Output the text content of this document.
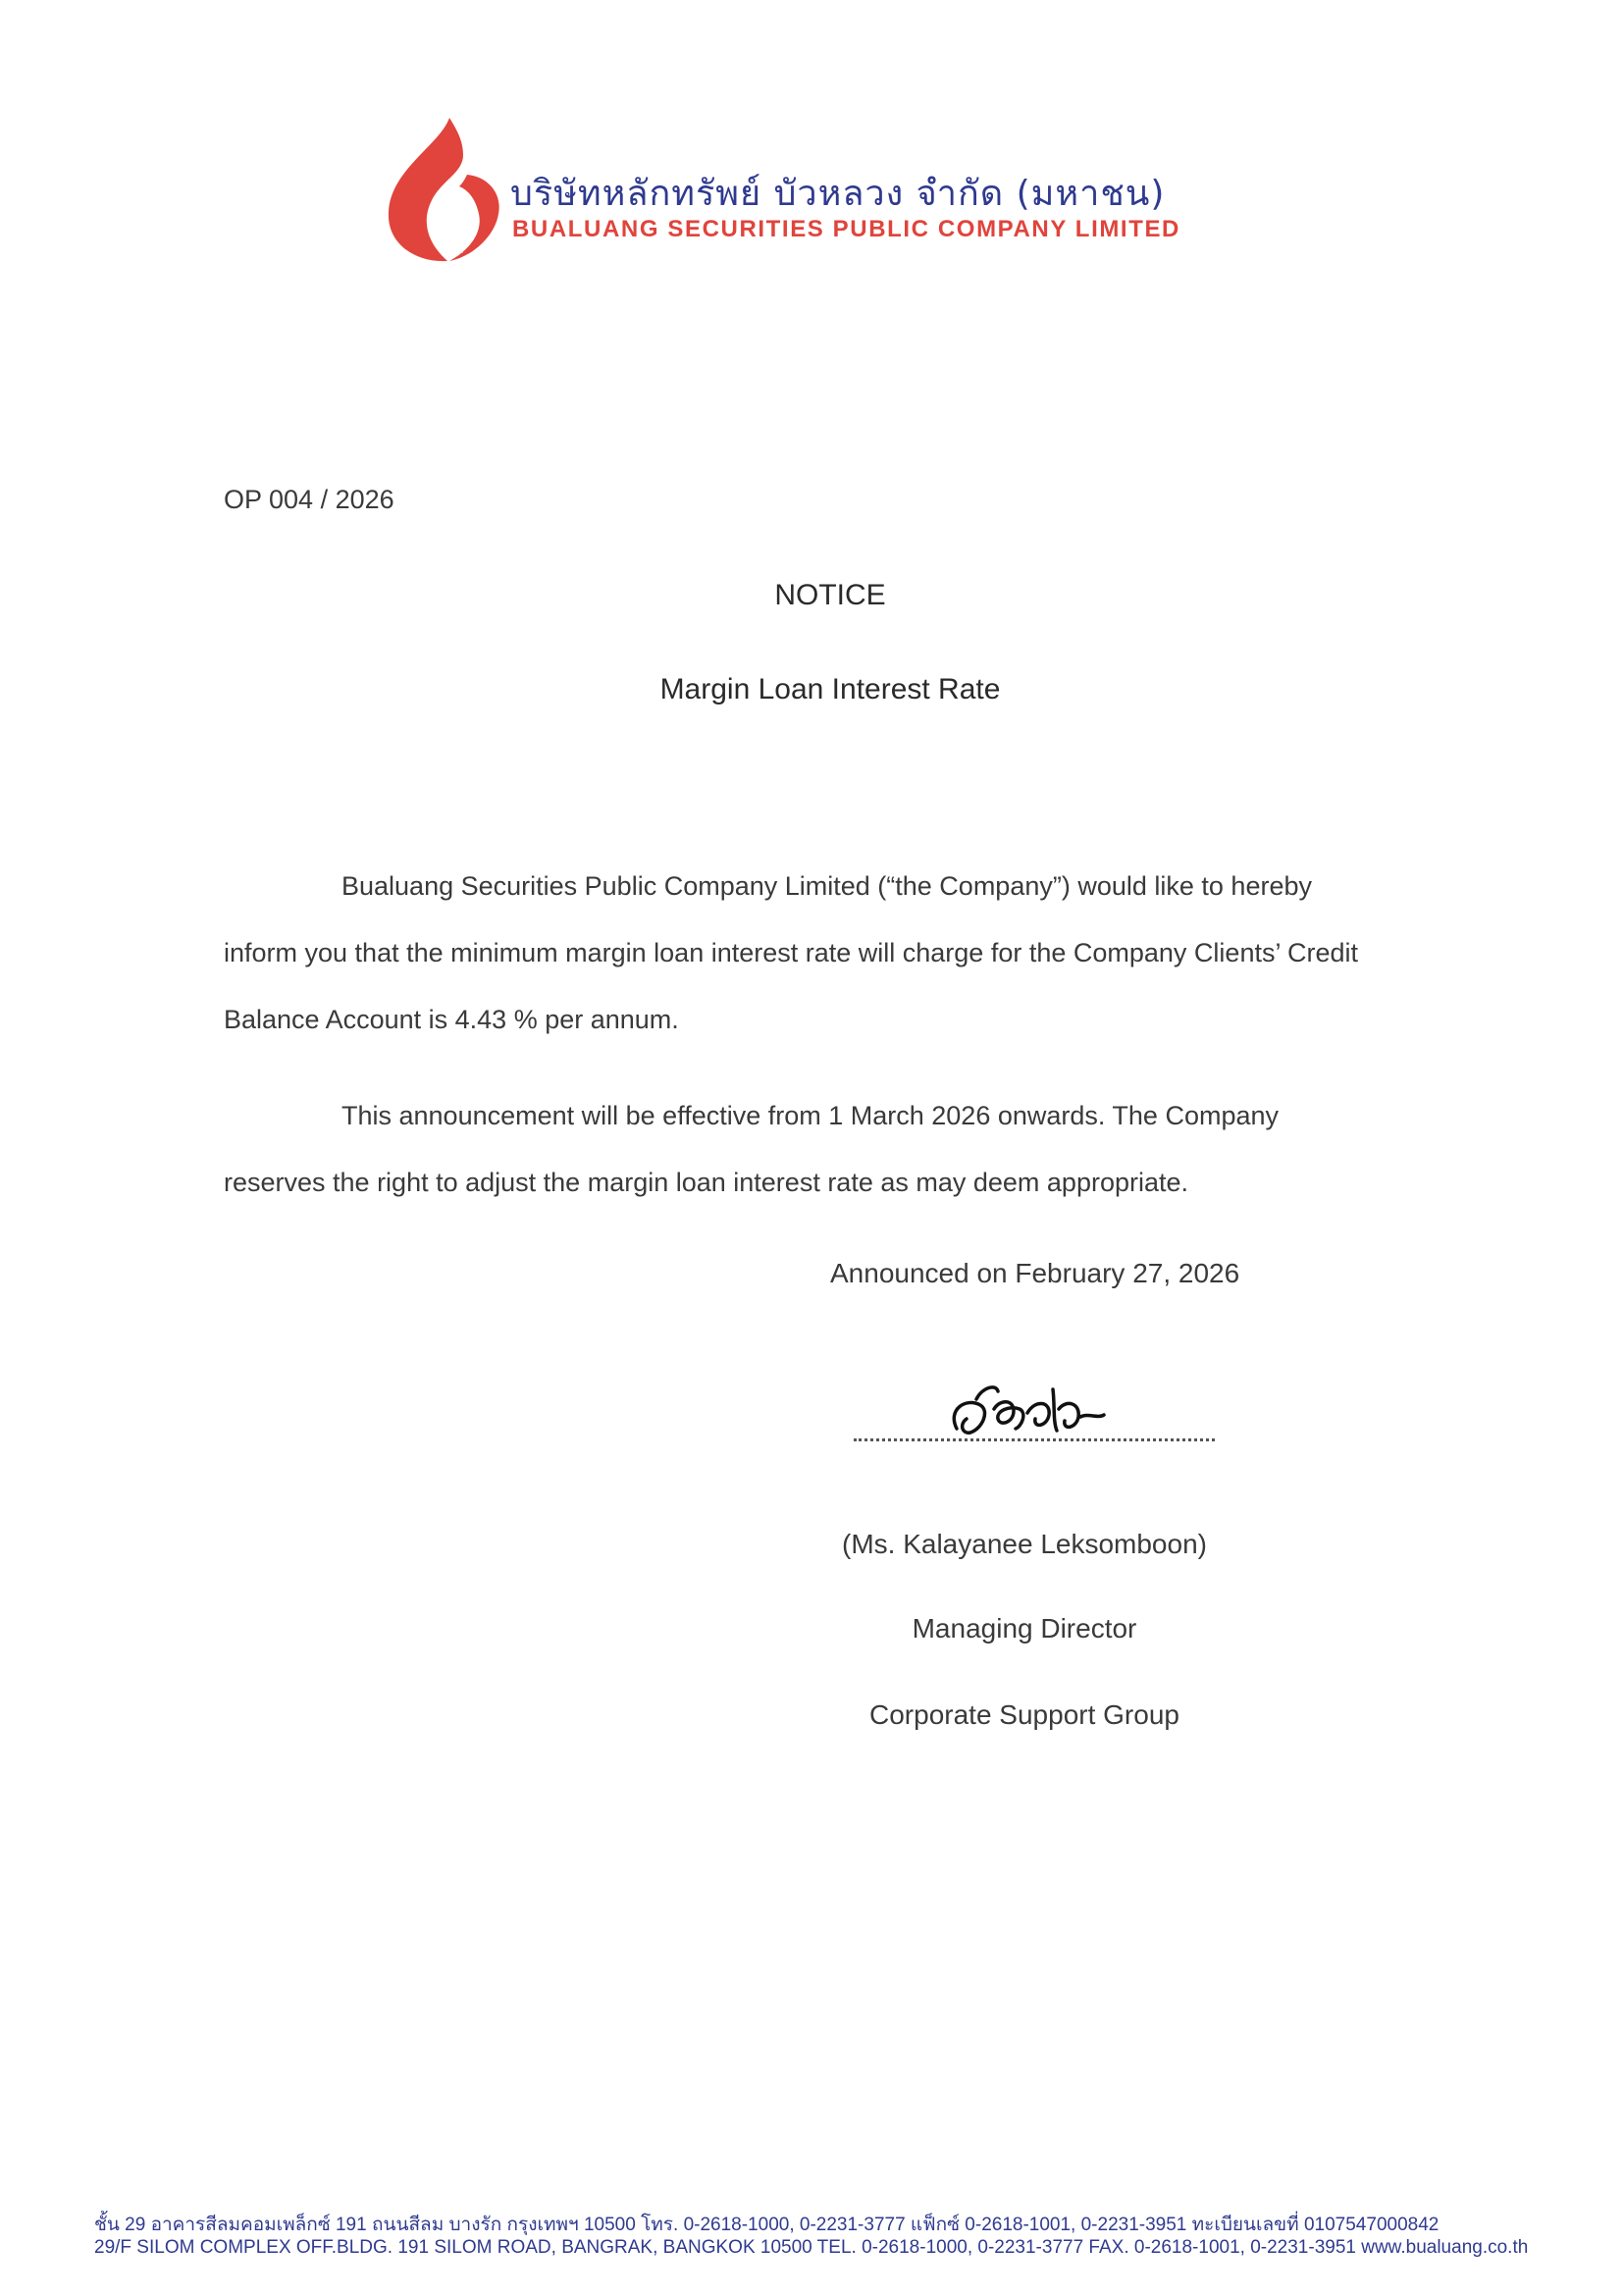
บริษัทหลักทรัพย์ บัวหลวง จำกัด (มหาชน)
BUALUANG SECURITIES PUBLIC COMPANY LIMITED
OP 004 / 2026
NOTICE
Margin Loan Interest Rate
Bualuang Securities Public Company Limited (“the Company”) would like to hereby
inform you that the minimum margin loan interest rate will charge for the Company Clients’ Credit
Balance Account is 4.43 % per annum.
This announcement will be effective from 1 March 2026 onwards. The Company
reserves the right to adjust the margin loan interest rate as may deem appropriate.
Announced on February 27, 2026
(Ms. Kalayanee Leksomboon)
Managing Director
Corporate Support Group
ชั้น 29 อาคารสีลมคอมเพล็กซ์ 191 ถนนสีลม บางรัก กรุงเทพฯ 10500 โทร. 0-2618-1000, 0-2231-3777 แฟ็กซ์ 0-2618-1001, 0-2231-3951 ทะเบียนเลขที่ 0107547000842
29/F SILOM COMPLEX OFF.BLDG. 191 SILOM ROAD, BANGRAK, BANGKOK 10500 TEL. 0-2618-1000, 0-2231-3777 FAX. 0-2618-1001, 0-2231-3951 www.bualuang.co.th
